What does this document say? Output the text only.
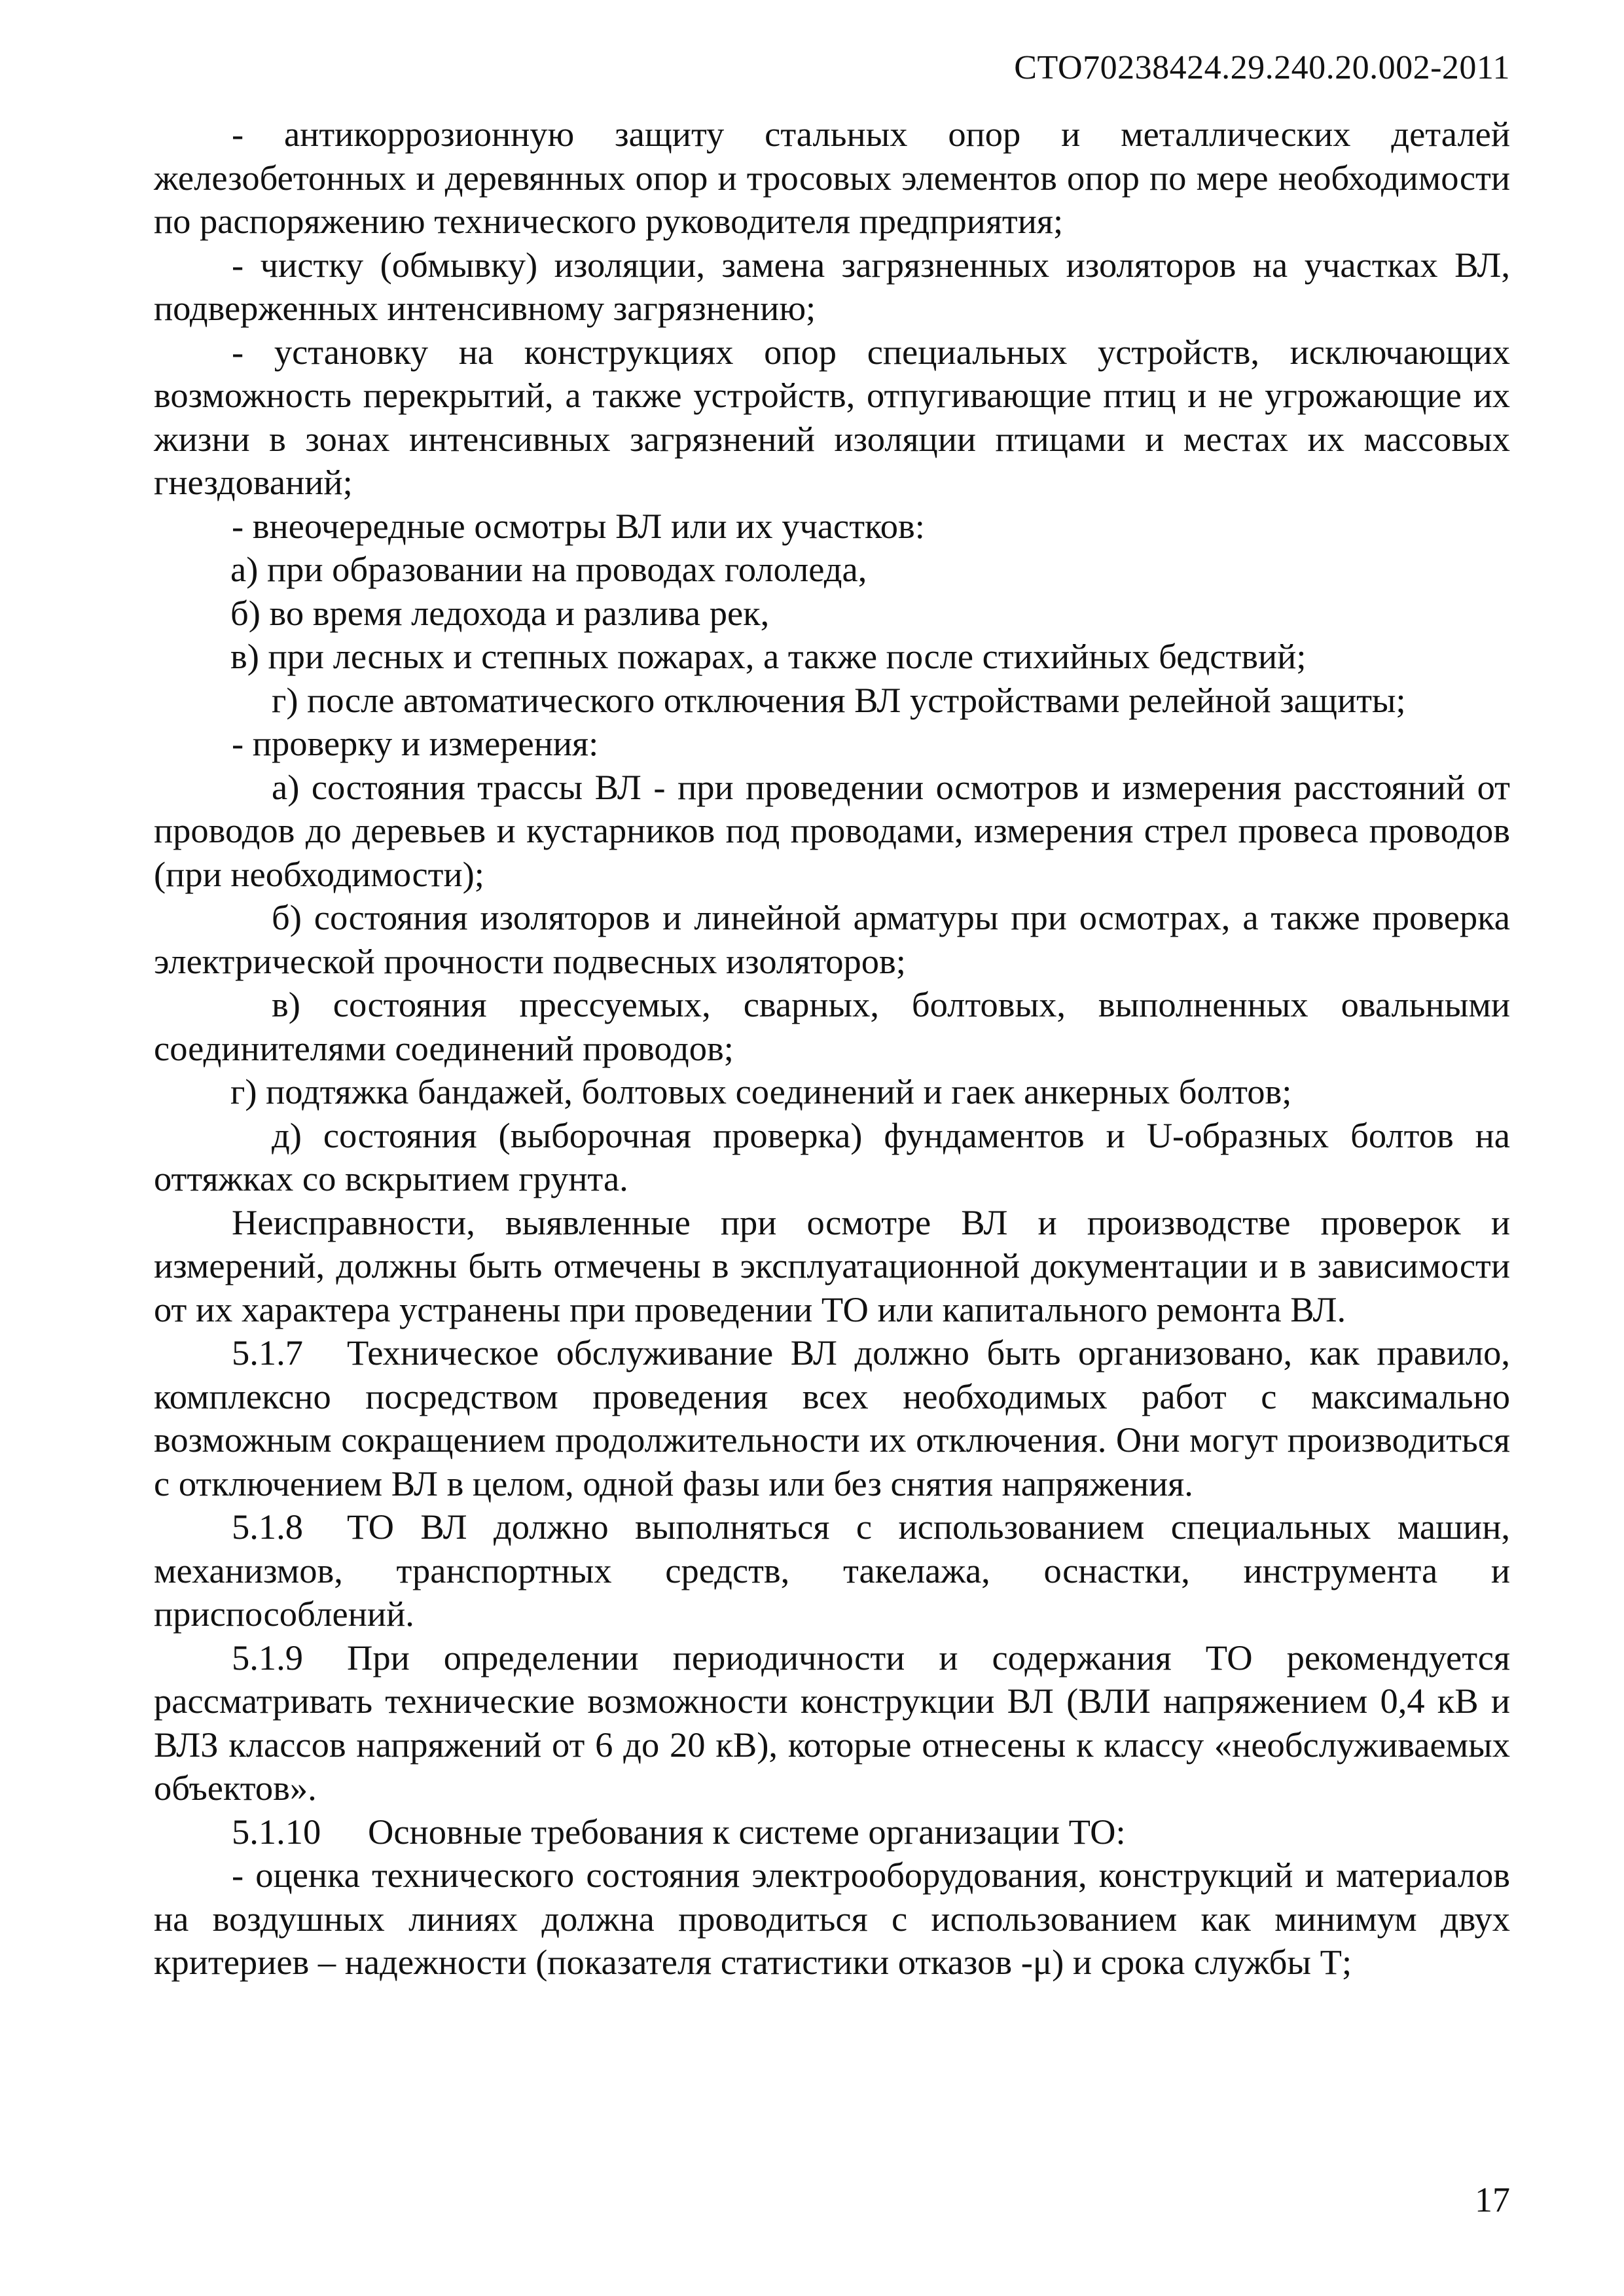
СТО70238424.29.240.20.002-2011

- антикоррозионную защиту стальных опор и металлических деталей железобетонных и деревянных опор и тросовых элементов опор по мере необходимости по распоряжению технического руководителя предприятия;

- чистку (обмывку) изоляции, замена загрязненных изоляторов на участках ВЛ, подверженных интенсивному загрязнению;

- установку на конструкциях опор специальных устройств, исключающих возможность перекрытий, а также устройств, отпугивающие птиц и не угрожающие их жизни в зонах интенсивных загрязнений изоляции птицами и местах их массовых гнездований;

- внеочередные осмотры ВЛ или их участков:

а) при образовании на проводах гололеда,

б) во время ледохода и разлива рек,

в) при лесных и степных пожарах, а также после стихийных бедствий;

г) после автоматического отключения ВЛ устройствами релейной защиты;

- проверку и измерения:

а) состояния трассы ВЛ - при проведении осмотров и измерения расстояний от проводов до деревьев и кустарников под проводами, измерения стрел провеса проводов (при необходимости);

б) состояния изоляторов и линейной арматуры при осмотрах, а также проверка электрической прочности подвесных изоляторов;

в) состояния прессуемых, сварных, болтовых, выполненных овальными соединителями соединений проводов;

г) подтяжка бандажей, болтовых соединений и гаек анкерных болтов;

д) состояния (выборочная проверка) фундаментов и U-образных болтов на оттяжках со вскрытием грунта.

Неисправности, выявленные при осмотре ВЛ и производстве проверок и измерений, должны быть отмечены в эксплуатационной документации и в зависимости от их характера устранены при проведении ТО или капитального ремонта ВЛ.

5.1.7 Техническое обслуживание ВЛ должно быть организовано, как правило, комплексно посредством проведения всех необходимых работ с максимально возможным сокращением продолжительности их отключения. Они могут производиться с отключением ВЛ в целом, одной фазы или без снятия напряжения.

5.1.8 ТО ВЛ должно выполняться с использованием специальных машин, механизмов, транспортных средств, такелажа, оснастки, инструмента и приспособлений.

5.1.9 При определении периодичности и содержания ТО рекомендуется рассматривать технические возможности конструкции ВЛ (ВЛИ напряжением 0,4 кВ и ВЛЗ классов напряжений от 6 до 20 кВ), которые отнесены к классу «необслуживаемых объектов».

5.1.10 Основные требования к системе организации ТО:

- оценка технического состояния электрооборудования, конструкций и материалов на воздушных линиях должна проводиться с использованием как минимум двух критериев – надежности (показателя статистики отказов -μ) и срока службы Т;

17
